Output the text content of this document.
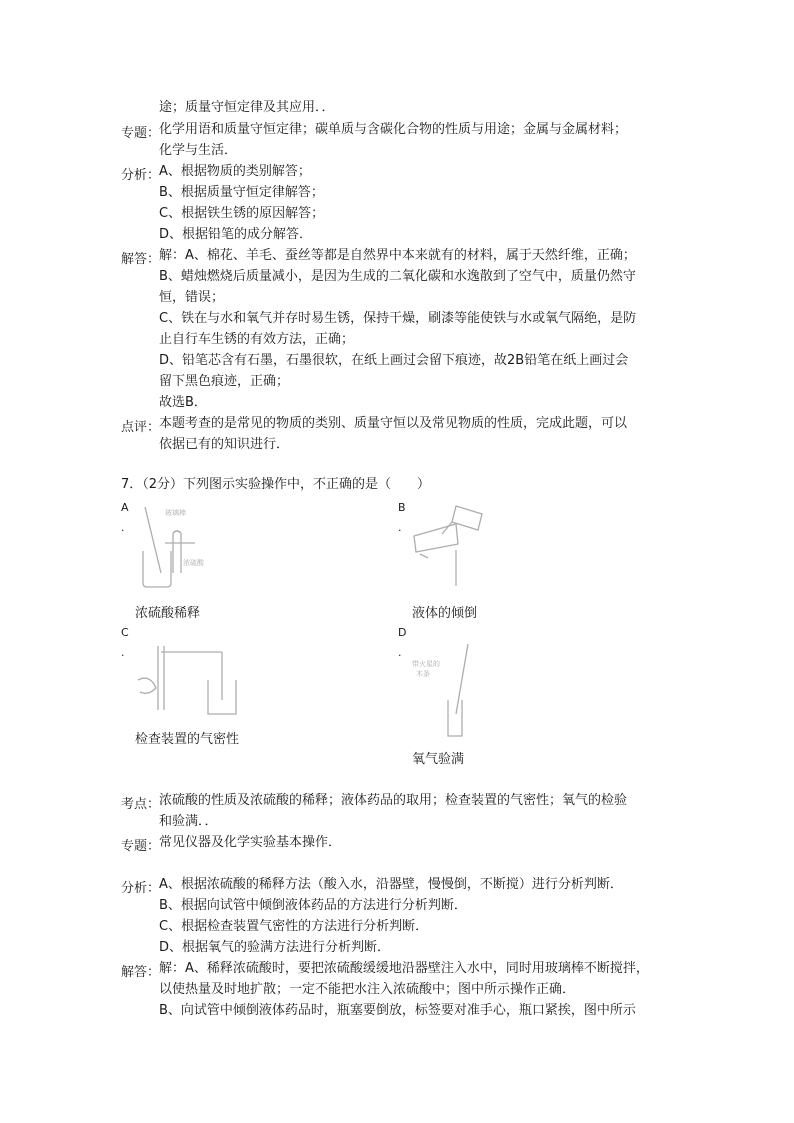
途；质量守恒定律及其应用．．
专题：
化学用语和质量守恒定律；碳单质与含碳化合物的性质与用途；金属与金属材料；
化学与生活．
分析：
A、根据物质的类别解答；
B、根据质量守恒定律解答；
C、根据铁生锈的原因解答；
D、根据铅笔的成分解答．
解答：
解：A、棉花、羊毛、蚕丝等都是自然界中本来就有的材料，属于天然纤维，正确；
B、蜡烛燃烧后质量减小，是因为生成的二氧化碳和水逸散到了空气中，质量仍然守
恒，错误；
C、铁在与水和氧气并存时易生锈，保持干燥，刷漆等能使铁与水或氧气隔绝，是防
止自行车生锈的有效方法，正确；
D、铅笔芯含有石墨，石墨很软，在纸上画过会留下痕迹，故2B铅笔在纸上画过会
留下黑色痕迹，正确；
故选B．
点评：
本题考查的是常见的物质的类别、质量守恒以及常见物质的性质，完成此题，可以
依据已有的知识进行．
7．（2分）下列图示实验操作中，不正确的是（　　）
A
.
玻璃棒
浓硫酸
浓硫酸稀释
B
.
液体的倾倒
C
.
检查装置的气密性
D
.
带火星的
木条
氧气验满
考点：
浓硫酸的性质及浓硫酸的稀释；液体药品的取用；检查装置的气密性；氧气的检验
和验满．．
专题：
常见仪器及化学实验基本操作．
分析：
A、根据浓硫酸的稀释方法（酸入水，沿器壁，慢慢倒，不断搅）进行分析判断．
B、根据向试管中倾倒液体药品的方法进行分析判断．
C、根据检查装置气密性的方法进行分析判断．
D、根据氧气的验满方法进行分析判断．
解答：
解：A、稀释浓硫酸时，要把浓硫酸缓缓地沿器壁注入水中，同时用玻璃棒不断搅拌，
以使热量及时地扩散；一定不能把水注入浓硫酸中；图中所示操作正确．
B、向试管中倾倒液体药品时，瓶塞要倒放，标签要对准手心，瓶口紧挨，图中所示
